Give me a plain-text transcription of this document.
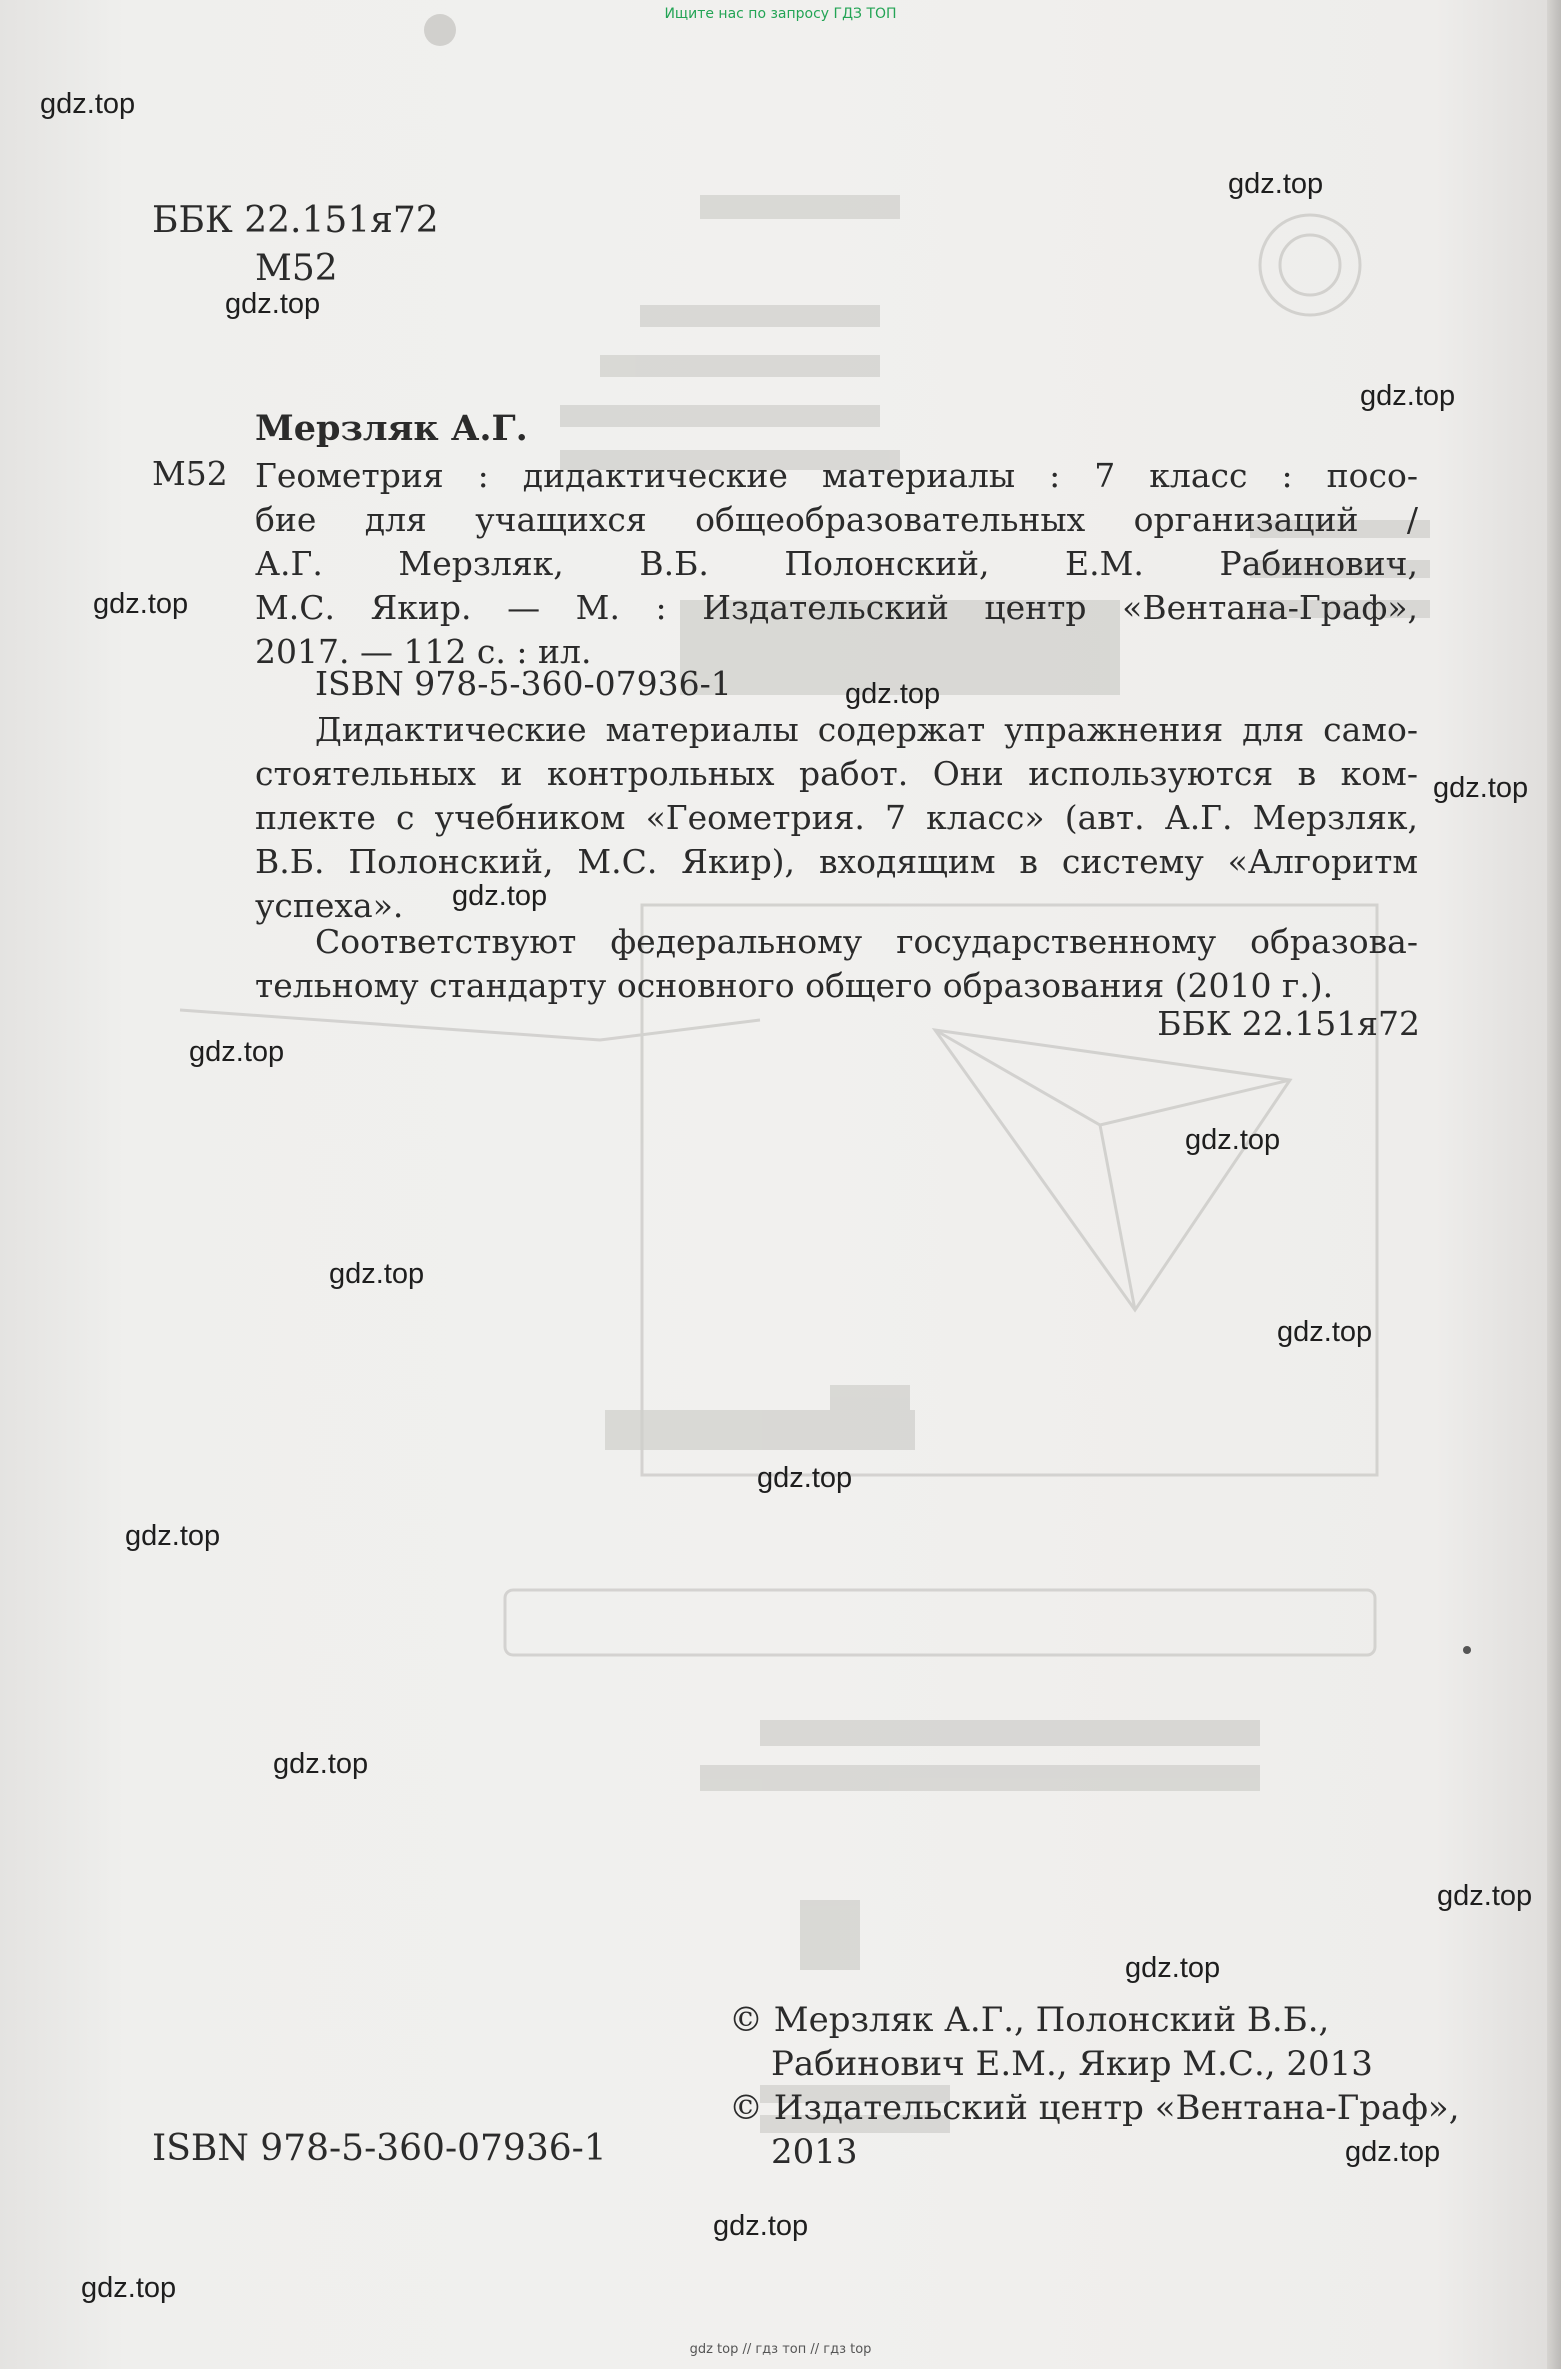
Ищите нас по запросу ГДЗ ТОП
ББК 22.151я72
М52
Мерзляк А.Г.
М52 Геометрия : дидактические материалы : 7 класс : посо-
бие для учащихся общеобразовательных организаций /
А.Г. Мерзляк, В.Б. Полонский, Е.М. Рабинович,
М.С. Якир. — М. : Издательский центр «Вентана-Граф»,
2017. — 112 с. : ил.
ISBN 978-5-360-07936-1
Дидактические материалы содержат упражнения для само-
стоятельных и контрольных работ. Они используются в ком-
плекте с учебником «Геометрия. 7 класс» (авт. А.Г. Мерзляк,
В.Б. Полонский, М.С. Якир), входящим в систему «Алгоритм
успеха».
Соответствуют федеральному государственному образова-
тельному стандарту основного общего образования (2010 г.).
ББК 22.151я72
© Мерзляк А.Г., Полонский В.Б.,
Рабинович Е.М., Якир М.С., 2013
© Издательский центр «Вентана-Граф»,
2013
ISBN 978-5-360-07936-1
gdz.top
gdz.top
gdz.top
gdz.top
gdz.top
gdz.top
gdz.top
gdz.top
gdz.top
gdz.top
gdz.top
gdz.top
gdz.top
gdz.top
gdz.top
gdz.top
gdz.top
gdz.top
gdz.top
gdz.top
gdz top // гдз топ // гдз top
